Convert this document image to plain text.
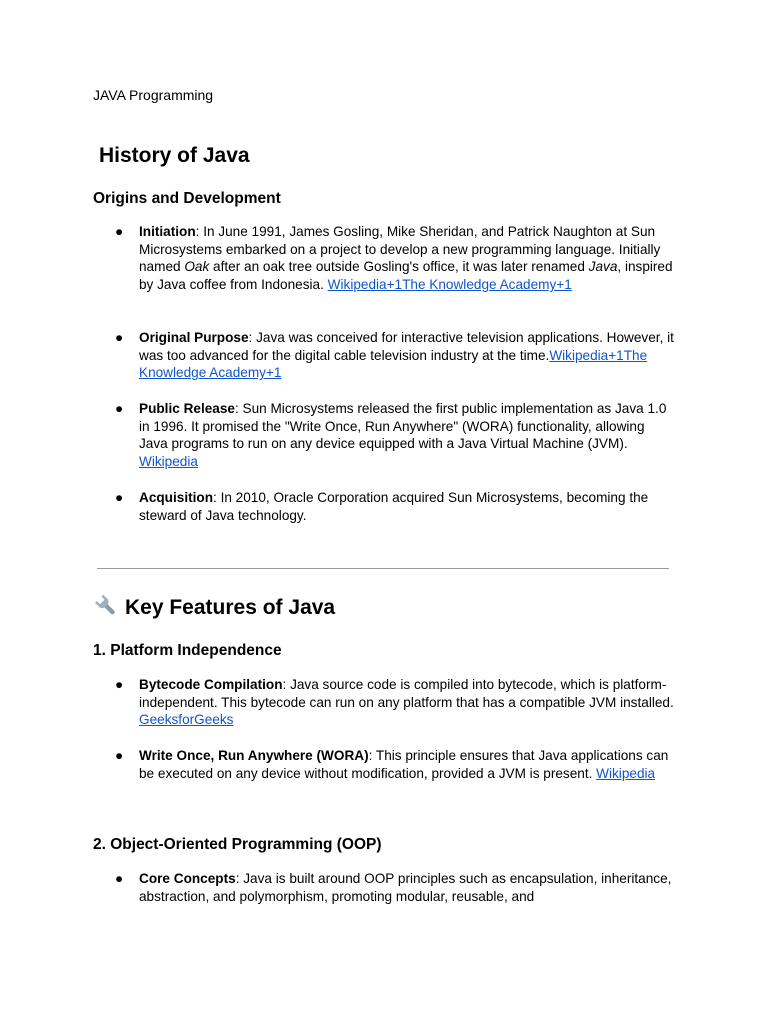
JAVA Programming
History of Java
Origins and Development
●	Initiation: In June 1991, James Gosling, Mike Sheridan, and Patrick Naughton at Sun Microsystems embarked on a project to develop a new programming language. Initially named Oak after an oak tree outside Gosling's office, it was later renamed Java, inspired by Java coffee from Indonesia. Wikipedia+1The Knowledge Academy+1
●	Original Purpose: Java was conceived for interactive television applications. However, it was too advanced for the digital cable television industry at the time.Wikipedia+1The Knowledge Academy+1
●	Public Release: Sun Microsystems released the first public implementation as Java 1.0 in 1996. It promised the "Write Once, Run Anywhere" (WORA) functionality, allowing Java programs to run on any device equipped with a Java Virtual Machine (JVM). Wikipedia
●	Acquisition: In 2010, Oracle Corporation acquired Sun Microsystems, becoming the steward of Java technology.
Key Features of Java
1. Platform Independence
●	Bytecode Compilation: Java source code is compiled into bytecode, which is platform-independent. This bytecode can run on any platform that has a compatible JVM installed. GeeksforGeeks
●	Write Once, Run Anywhere (WORA): This principle ensures that Java applications can be executed on any device without modification, provided a JVM is present. Wikipedia
2. Object-Oriented Programming (OOP)
●	Core Concepts: Java is built around OOP principles such as encapsulation, inheritance, abstraction, and polymorphism, promoting modular, reusable, and
